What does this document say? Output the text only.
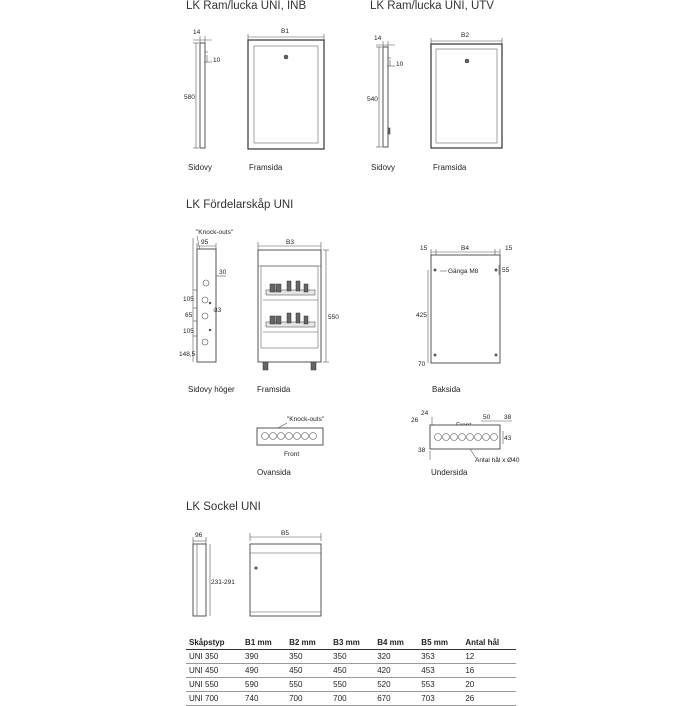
LK Ram/lucka UNI, INB	LK Ram/lucka UNI, UTV
LK Fördelarskåp UNI
LK Sockel UNI
14
10
580
Sidovy
B1
Framsida
14
10
540
Sidovy
B2
Framsida
"Knock-outs"
95
30
105
33
65
105
148,5
Sidovy höger
B3
550
Framsida
15	B4	15
Gänga M8	55
425
70
Baksida
"Knock-outs"
Front
Ovansida
24
26	50 38
43
38
Antal hål x Ø40
Undersida
96
231-291
B5
Skåpstyp	B1 mm	B2 mm	B3 mm	B4 mm	B5 mm	Antal hål
UNI 350	390	350	350	320	353	12
UNI 450	490	450	450	420	453	16
UNI 550	590	550	550	520	553	20
UNI 700	740	700	700	670	703	26
